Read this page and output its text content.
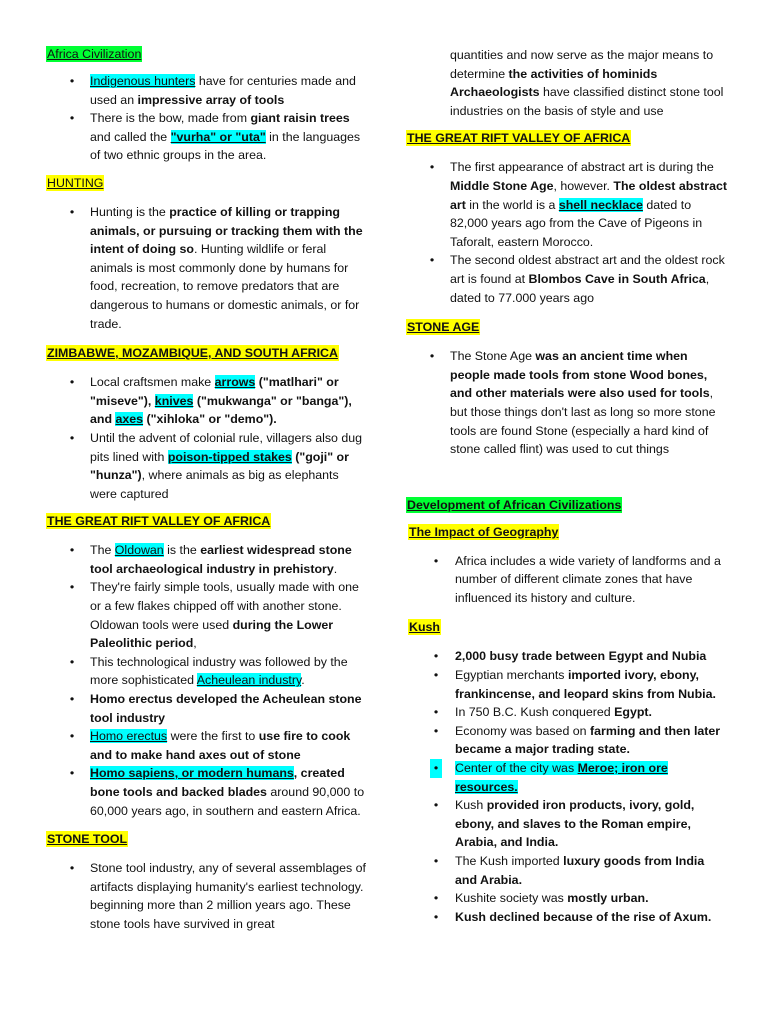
Africa Civilization
•	Indigenous hunters have for centuries made and used an impressive array of tools
•	There is the bow, made from giant raisin trees and called the "vurha" or "uta" in the languages of two ethnic groups in the area.
HUNTING
•	Hunting is the practice of killing or trapping animals, or pursuing or tracking them with the intent of doing so. Hunting wildlife or feral animals is most commonly done by humans for food, recreation, to remove predators that are dangerous to humans or domestic animals, or for trade.
ZIMBABWE, MOZAMBIQUE, AND SOUTH AFRICA
•	Local craftsmen make arrows ("matlhari" or "miseve"), knives ("mukwanga" or "banga"), and axes ("xihloka" or "demo").
•	Until the advent of colonial rule, villagers also dug pits lined with poison-tipped stakes ("goji" or "hunza"), where animals as big as elephants were captured
THE GREAT RIFT VALLEY OF AFRICA
•	The Oldowan is the earliest widespread stone tool archaeological industry in prehistory.
•	They're fairly simple tools, usually made with one or a few flakes chipped off with another stone. Oldowan tools were used during the Lower Paleolithic period,
•	This technological industry was followed by the more sophisticated Acheulean industry.
•	Homo erectus developed the Acheulean stone tool industry
•	Homo erectus were the first to use fire to cook and to make hand axes out of stone
•	Homo sapiens, or modern humans, created bone tools and backed blades around 90,000 to 60,000 years ago, in southern and eastern Africa.
STONE TOOL
•	Stone tool industry, any of several assemblages of artifacts displaying humanity's earliest technology. beginning more than 2 million years ago. These stone tools have survived in great

quantities and now serve as the major means to determine the activities of hominids Archaeologists have classified distinct stone tool industries on the basis of style and use

THE GREAT RIFT VALLEY OF AFRICA
•	The first appearance of abstract art is during the Middle Stone Age, however. The oldest abstract art in the world is a shell necklace dated to 82,000 years ago from the Cave of Pigeons in Taforalt, eastern Morocco.
•	The second oldest abstract art and the oldest rock art is found at Blombos Cave in South Africa, dated to 77.000 years ago
STONE AGE
•	The Stone Age was an ancient time when people made tools from stone Wood bones, and other materials were also used for tools, but those things don't last as long so more stone tools are found Stone (especially a hard kind of stone called flint) was used to cut things
Development of African Civilizations
The Impact of Geography
•	Africa includes a wide variety of landforms and a number of different climate zones that have influenced its history and culture.
Kush
•	2,000 busy trade between Egypt and Nubia
•	Egyptian merchants imported ivory, ebony, frankincense, and leopard skins from Nubia.
•	In 750 B.C. Kush conquered Egypt.
•	Economy was based on farming and then later became a major trading state.
•	Center of the city was Meroe; iron ore resources.
•	Kush provided iron products, ivory, gold, ebony, and slaves to the Roman empire, Arabia, and India.
•	The Kush imported luxury goods from India and Arabia.
•	Kushite society was mostly urban.
•	Kush declined because of the rise of Axum.
